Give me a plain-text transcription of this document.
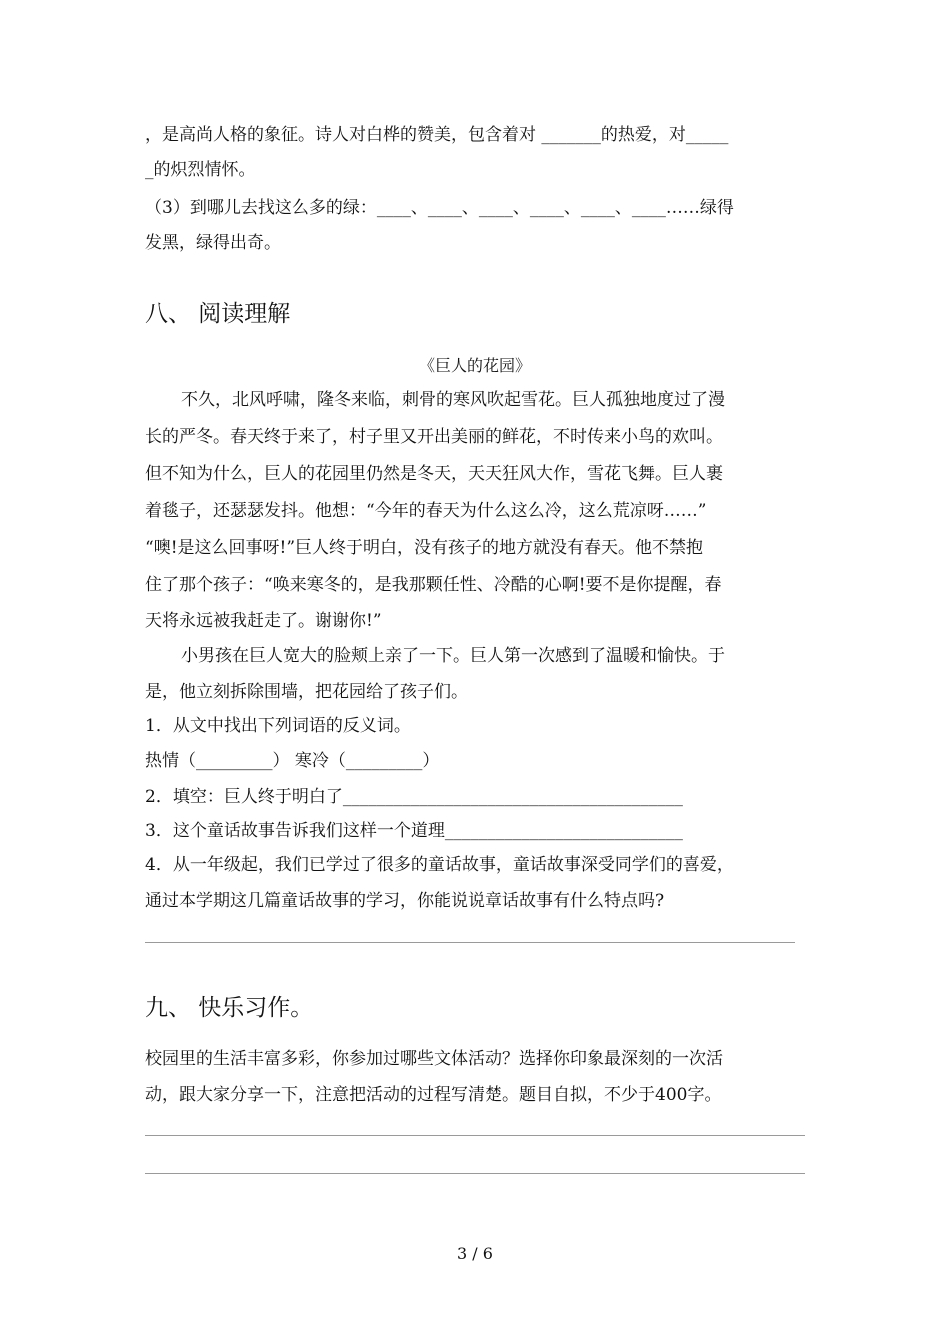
，是高尚人格的象征。诗人对白桦的赞美，包含着对 _______的热爱，对_____
_的炽烈情怀。
（3）到哪儿去找这么多的绿：____、____、____、____、____、____……绿得
发黑，绿得出奇。
八、 阅读理解
《巨人的花园》
不久，北风呼啸，隆冬来临，刺骨的寒风吹起雪花。巨人孤独地度过了漫
长的严冬。春天终于来了，村子里又开出美丽的鲜花，不时传来小鸟的欢叫。
但不知为什么，巨人的花园里仍然是冬天，天天狂风大作，雪花飞舞。巨人裹
着毯子，还瑟瑟发抖。他想：“今年的春天为什么这么冷，这么荒凉呀……”
“噢!是这么回事呀!”巨人终于明白，没有孩子的地方就没有春天。他不禁抱
住了那个孩子：“唤来寒冬的，是我那颗任性、冷酷的心啊!要不是你提醒，春
天将永远被我赶走了。谢谢你!”
小男孩在巨人宽大的脸颊上亲了一下。巨人第一次感到了温暖和愉快。于
是，他立刻拆除围墙，把花园给了孩子们。
1．从文中找出下列词语的反义词。
热情（_________） 寒冷（_________）
2．填空：巨人终于明白了________________________________________
3．这个童话故事告诉我们这样一个道理____________________________
4．从一年级起，我们已学过了很多的童话故事，童话故事深受同学们的喜爱，
通过本学期这几篇童话故事的学习，你能说说章话故事有什么特点吗?
九、 快乐习作。
校园里的生活丰富多彩，你参加过哪些文体活动？选择你印象最深刻的一次活
动，跟大家分享一下，注意把活动的过程写清楚。题目自拟，不少于400字。
3 / 6
